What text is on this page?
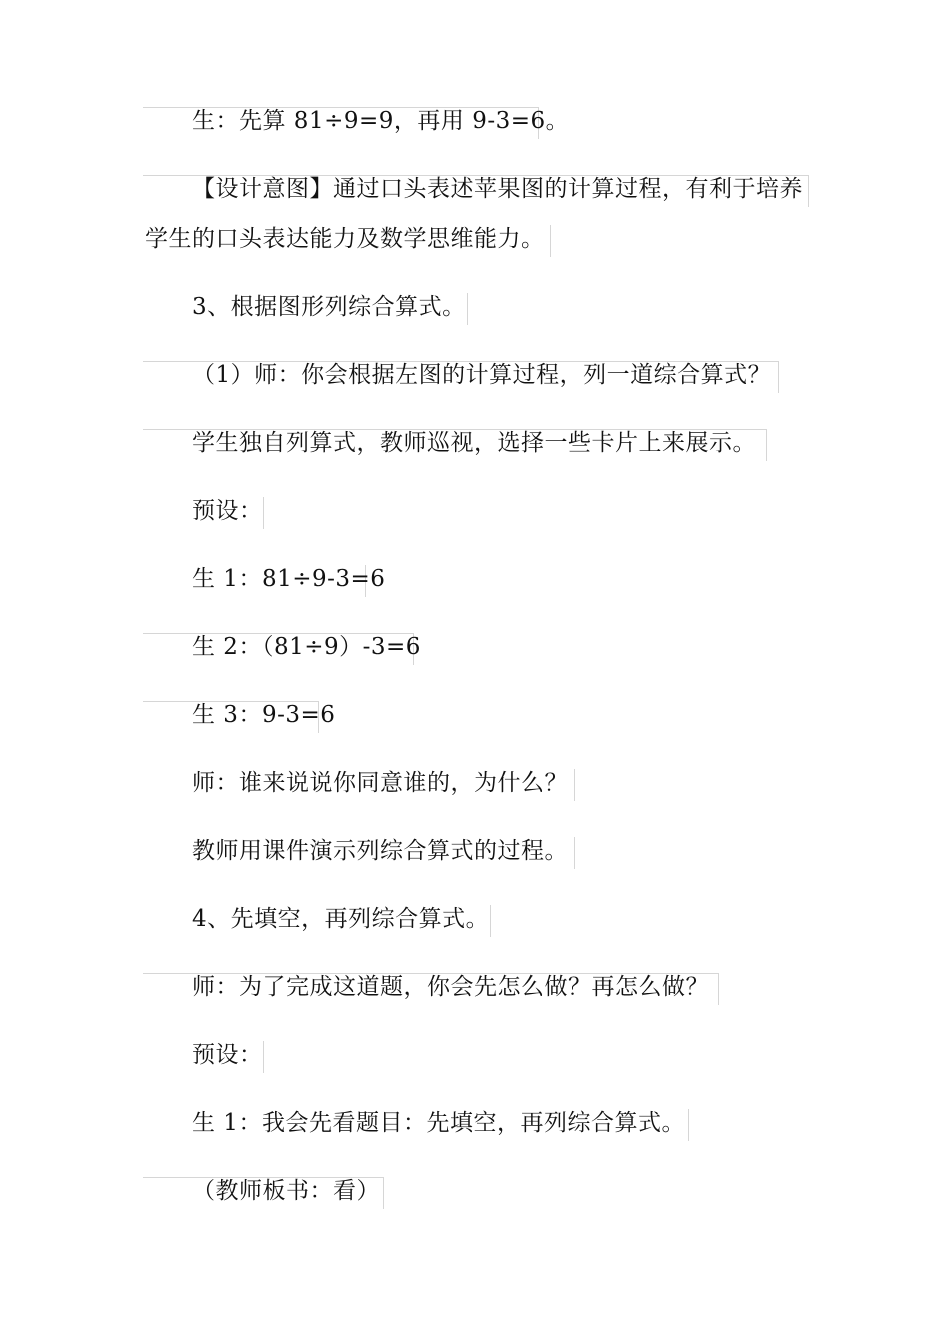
生：先算 81÷9=9，再用 9-3=6。
【设计意图】通过口头表述苹果图的计算过程，有利于培养
学生的口头表达能力及数学思维能力。
3、根据图形列综合算式。
（1）师：你会根据左图的计算过程，列一道综合算式？
学生独自列算式，教师巡视，选择一些卡片上来展示。
预设：
生 1：81÷9-3=6
生 2：（81÷9）-3=6
生 3：9-3=6
师：谁来说说你同意谁的，为什么？
教师用课件演示列综合算式的过程。
4、先填空，再列综合算式。
师：为了完成这道题，你会先怎么做？再怎么做？
预设：
生 1：我会先看题目：先填空，再列综合算式。
（教师板书：看）
